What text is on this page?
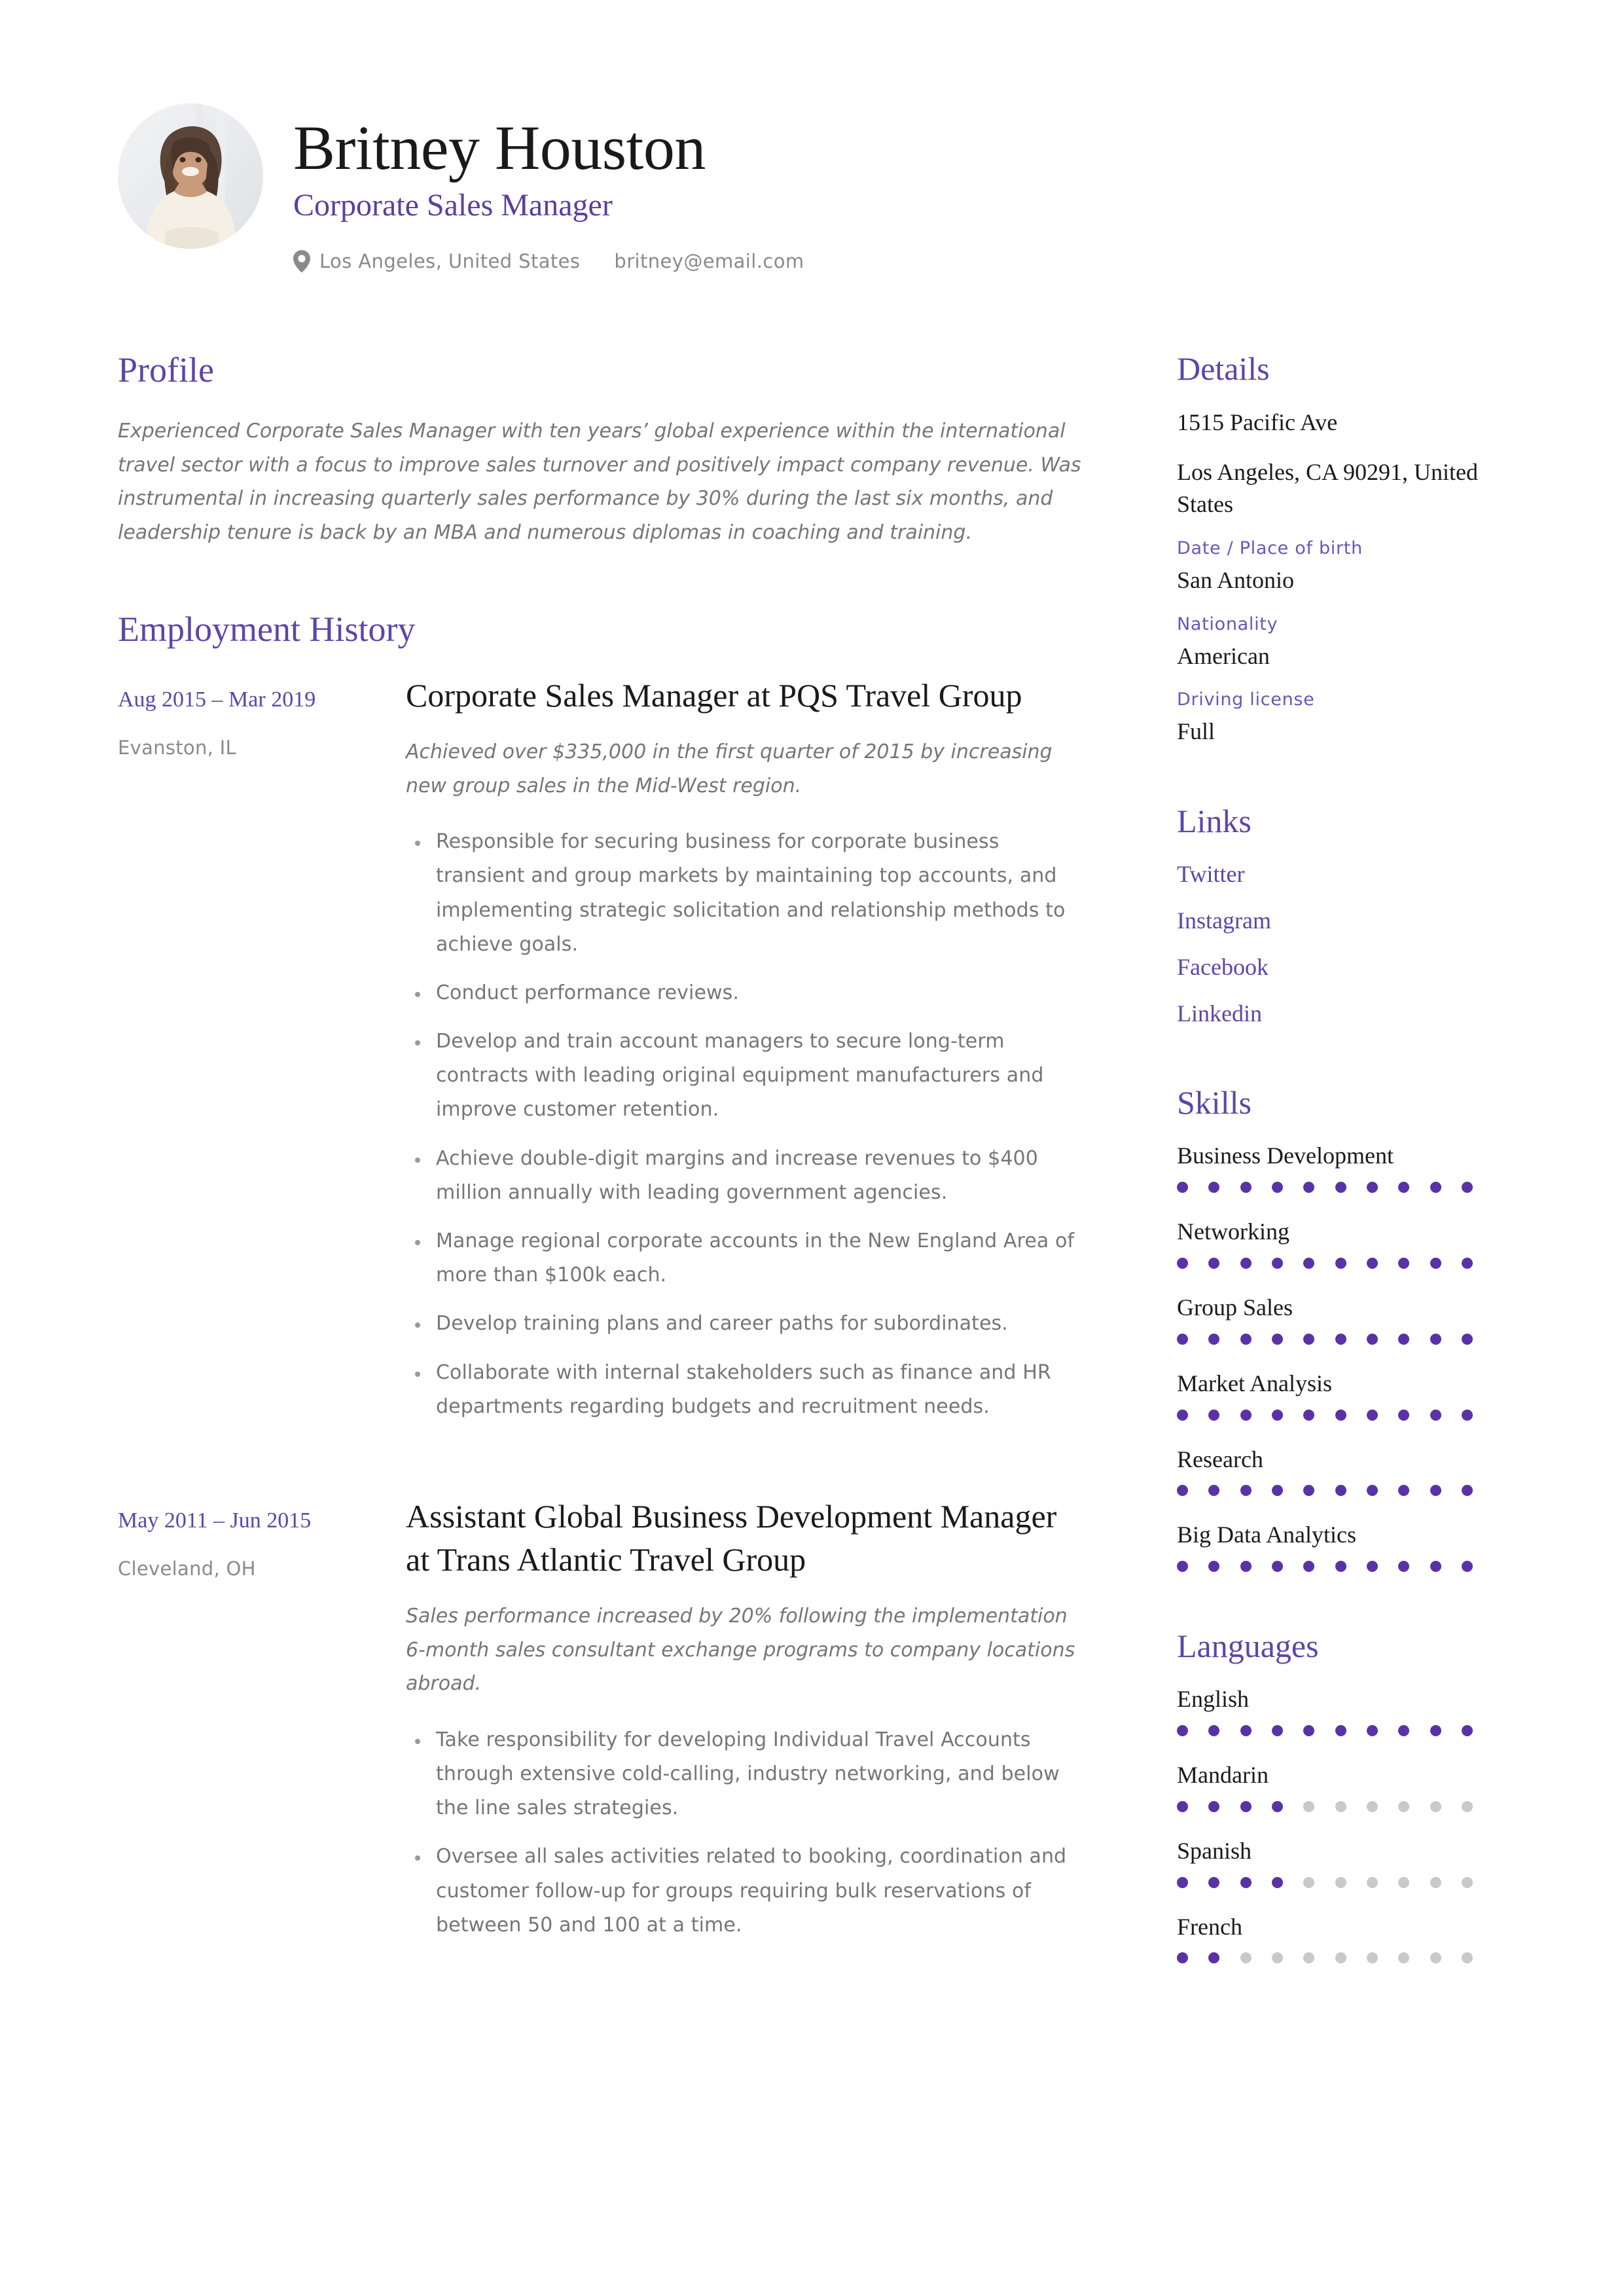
Britney Houston
Corporate Sales Manager
Los Angeles, United States britney@email.com
Profile

Experienced Corporate Sales Manager with ten years’ global experience within the international travel sector with a focus to improve sales turnover and positively impact company revenue. Was instrumental in increasing quarterly sales performance by 30% during the last six months, and leadership tenure is back by an MBA and numerous diplomas in coaching and training.

Employment History
Aug 2015 – Mar 2019
Evanston, IL
Corporate Sales Manager at PQS Travel Group

Achieved over $335,000 in the first quarter of 2015 by increasing new group sales in the Mid-West region.

Responsible for securing business for corporate business transient and group markets by maintaining top accounts, and implementing strategic solicitation and relationship methods to achieve goals.
Conduct performance reviews.
Develop and train account managers to secure long-term contracts with leading original equipment manufacturers and improve customer retention.
Achieve double-digit margins and increase revenues to $400 million annually with leading government agencies.
Manage regional corporate accounts in the New England Area of more than $100k each.
Develop training plans and career paths for subordinates.
Collaborate with internal stakeholders such as finance and HR departments regarding budgets and recruitment needs.
May 2011 – Jun 2015
Cleveland, OH
Assistant Global Business Development Manager at Trans Atlantic Travel Group

Sales performance increased by 20% following the implementation 6-month sales consultant exchange programs to company locations abroad.

Take responsibility for developing Individual Travel Accounts through extensive cold-calling, industry networking, and below the line sales strategies.
Oversee all sales activities related to booking, coordination and customer follow-up for groups requiring bulk reservations of between 50 and 100 at a time.
Details
1515 Pacific Ave
Los Angeles, CA 90291, United States
Date / Place of birth
San Antonio
Nationality
American
Driving license
Full
Links
Twitter
Instagram
Facebook
Linkedin
Skills
Business Development
Networking
Group Sales
Market Analysis
Research
Big Data Analytics
Languages
English
Mandarin
Spanish
French
